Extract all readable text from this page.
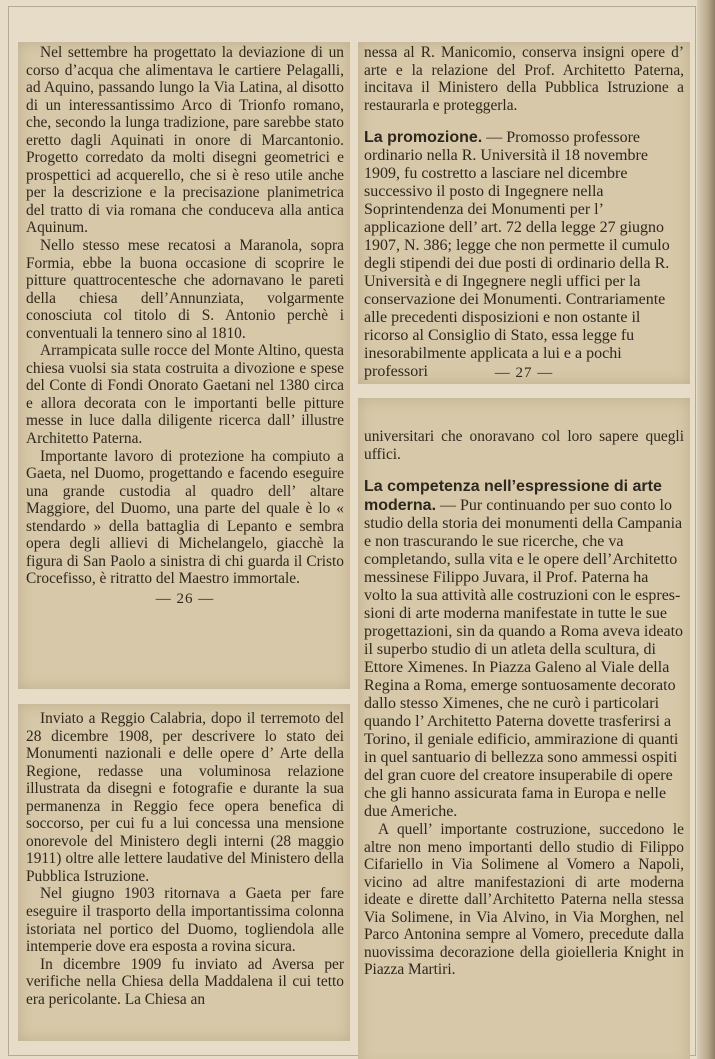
Nel settembre ha progettato la deviazione di un corso d’acqua che alimentava le cartiere Pelagalli, ad Aquino, passando lungo la Via Latina, al disotto di un interessantissimo Arco di Trionfo romano, che, secondo la lunga tradizione, pare sarebbe stato eretto dagli Aquinati in onore di Marcantonio. Progetto corredato da molti disegni geometrici e prospettici ad acquerello, che si è reso utile anche per la descrizione e la precisazione planimetrica del tratto di via romana che conduceva alla antica Aquinum.

Nello stesso mese recatosi a Maranola, sopra Formia, ebbe la buona occasione di scoprire le pitture quattrocentesche che adornavano le pareti della chiesa dell’Annunziata, volgarmente conosciuta col titolo di S. Antonio perchè i conventuali la tennero sino al 1810.

Arrampicata sulle rocce del Monte Altino, questa chiesa vuolsi sia stata costruita a divozione e spese del Conte di Fondi Onorato Gaetani nel 1380 circa e allora decorata con le importanti belle pitture messe in luce dalla diligente ricerca dall’ illustre Architetto Paterna.

Importante lavoro di protezione ha compiuto a Gaeta, nel Duomo, progettando e facendo eseguire una grande custodia al quadro dell’ altare Maggiore, del Duomo, una parte del quale è lo « stendardo » della battaglia di Lepanto e sembra opera degli allievi di Michelangelo, giacchè la figura di San Paolo a sinistra di chi guarda il Cristo Crocefisso, è ritratto del Maestro immortale.

— 26 —

Inviato a Reggio Calabria, dopo il terremoto del 28 dicembre 1908, per descrivere lo stato dei Monumenti nazionali e delle opere d’ Arte della Regione, redasse una voluminosa relazione illustrata da disegni e fotografie e durante la sua permanenza in Reggio fece opera benefica di soccorso, per cui fu a lui concessa una mensione onorevole del Ministero degli interni (28 maggio 1911) oltre alle lettere laudative del Ministero della Pubblica Istruzione.

Nel giugno 1903 ritornava a Gaeta per fare eseguire il trasporto della importantissima colonna istoriata nel portico del Duomo, togliendola alle intemperie dove era esposta a rovina sicura.

In dicembre 1909 fu inviato ad Aversa per verifiche nella Chiesa della Maddalena il cui tetto era pericolante. La Chiesa an

nessa al R. Manicomio, conserva insigni opere d’ arte e la relazione del Prof. Architetto Paterna, incitava il Ministero della Pubblica Istruzione a restaurarla e proteggerla.

La promozione. — Promosso professore ordinario nella R. Università il 18 novembre 1909, fu costretto a lasciare nel dicembre successivo il posto di Ingegnere nella Soprintendenza dei Monumenti per l’ applicazione dell’ art. 72 della legge 27 giugno 1907, N. 386; legge che non permette il cumulo degli stipendi dei due posti di ordinario della R. Università e di Ingegnere negli uffici per la conservazione dei Monumenti. Contrariamente alle precedenti disposizioni e non ostante il ricorso al Consiglio di Stato, essa legge fu inesorabilmente applicata a lui e a pochi professori	— 27 —

universitari che onoravano col loro sapere quegli uffici.

La competenza nell’espressione di arte moderna. — Pur continuando per suo conto lo studio della storia dei monumenti della Campania e non trascurando le sue ricerche, che va completando, sulla vita e le opere dell’Architetto messinese Filippo Juvara, il Prof. Paterna ha volto la sua attività alle costruzioni con le espressioni di arte moderna manifestate in tutte le sue progettazioni, sin da quando a Roma aveva ideato il superbo studio di un atleta della scultura, di Ettore Ximenes. In Piazza Galeno al Viale della Regina a Roma, emerge sontuosamente decorato dallo stesso Ximenes, che ne curò i particolari quando l’ Architetto Paterna dovette trasferirsi a Torino, il geniale edificio, ammirazione di quanti in quel santuario di bellezza sono ammessi ospiti del gran cuore del creatore insuperabile di opere che gli hanno assicurata fama in Europa e nelle due Americhe.

A quell’ importante costruzione, succedono le altre non meno importanti dello studio di Filippo Cifariello in Via Solimene al Vomero a Napoli, vicino ad altre manifestazioni di arte moderna ideate e dirette dall’Architetto Paterna nella stessa Via Solimene, in Via Alvino, in Via Morghen, nel Parco Antonina sempre al Vomero, precedute dalla nuovissima decorazione della gioielleria Knight in Piazza Martiri.
